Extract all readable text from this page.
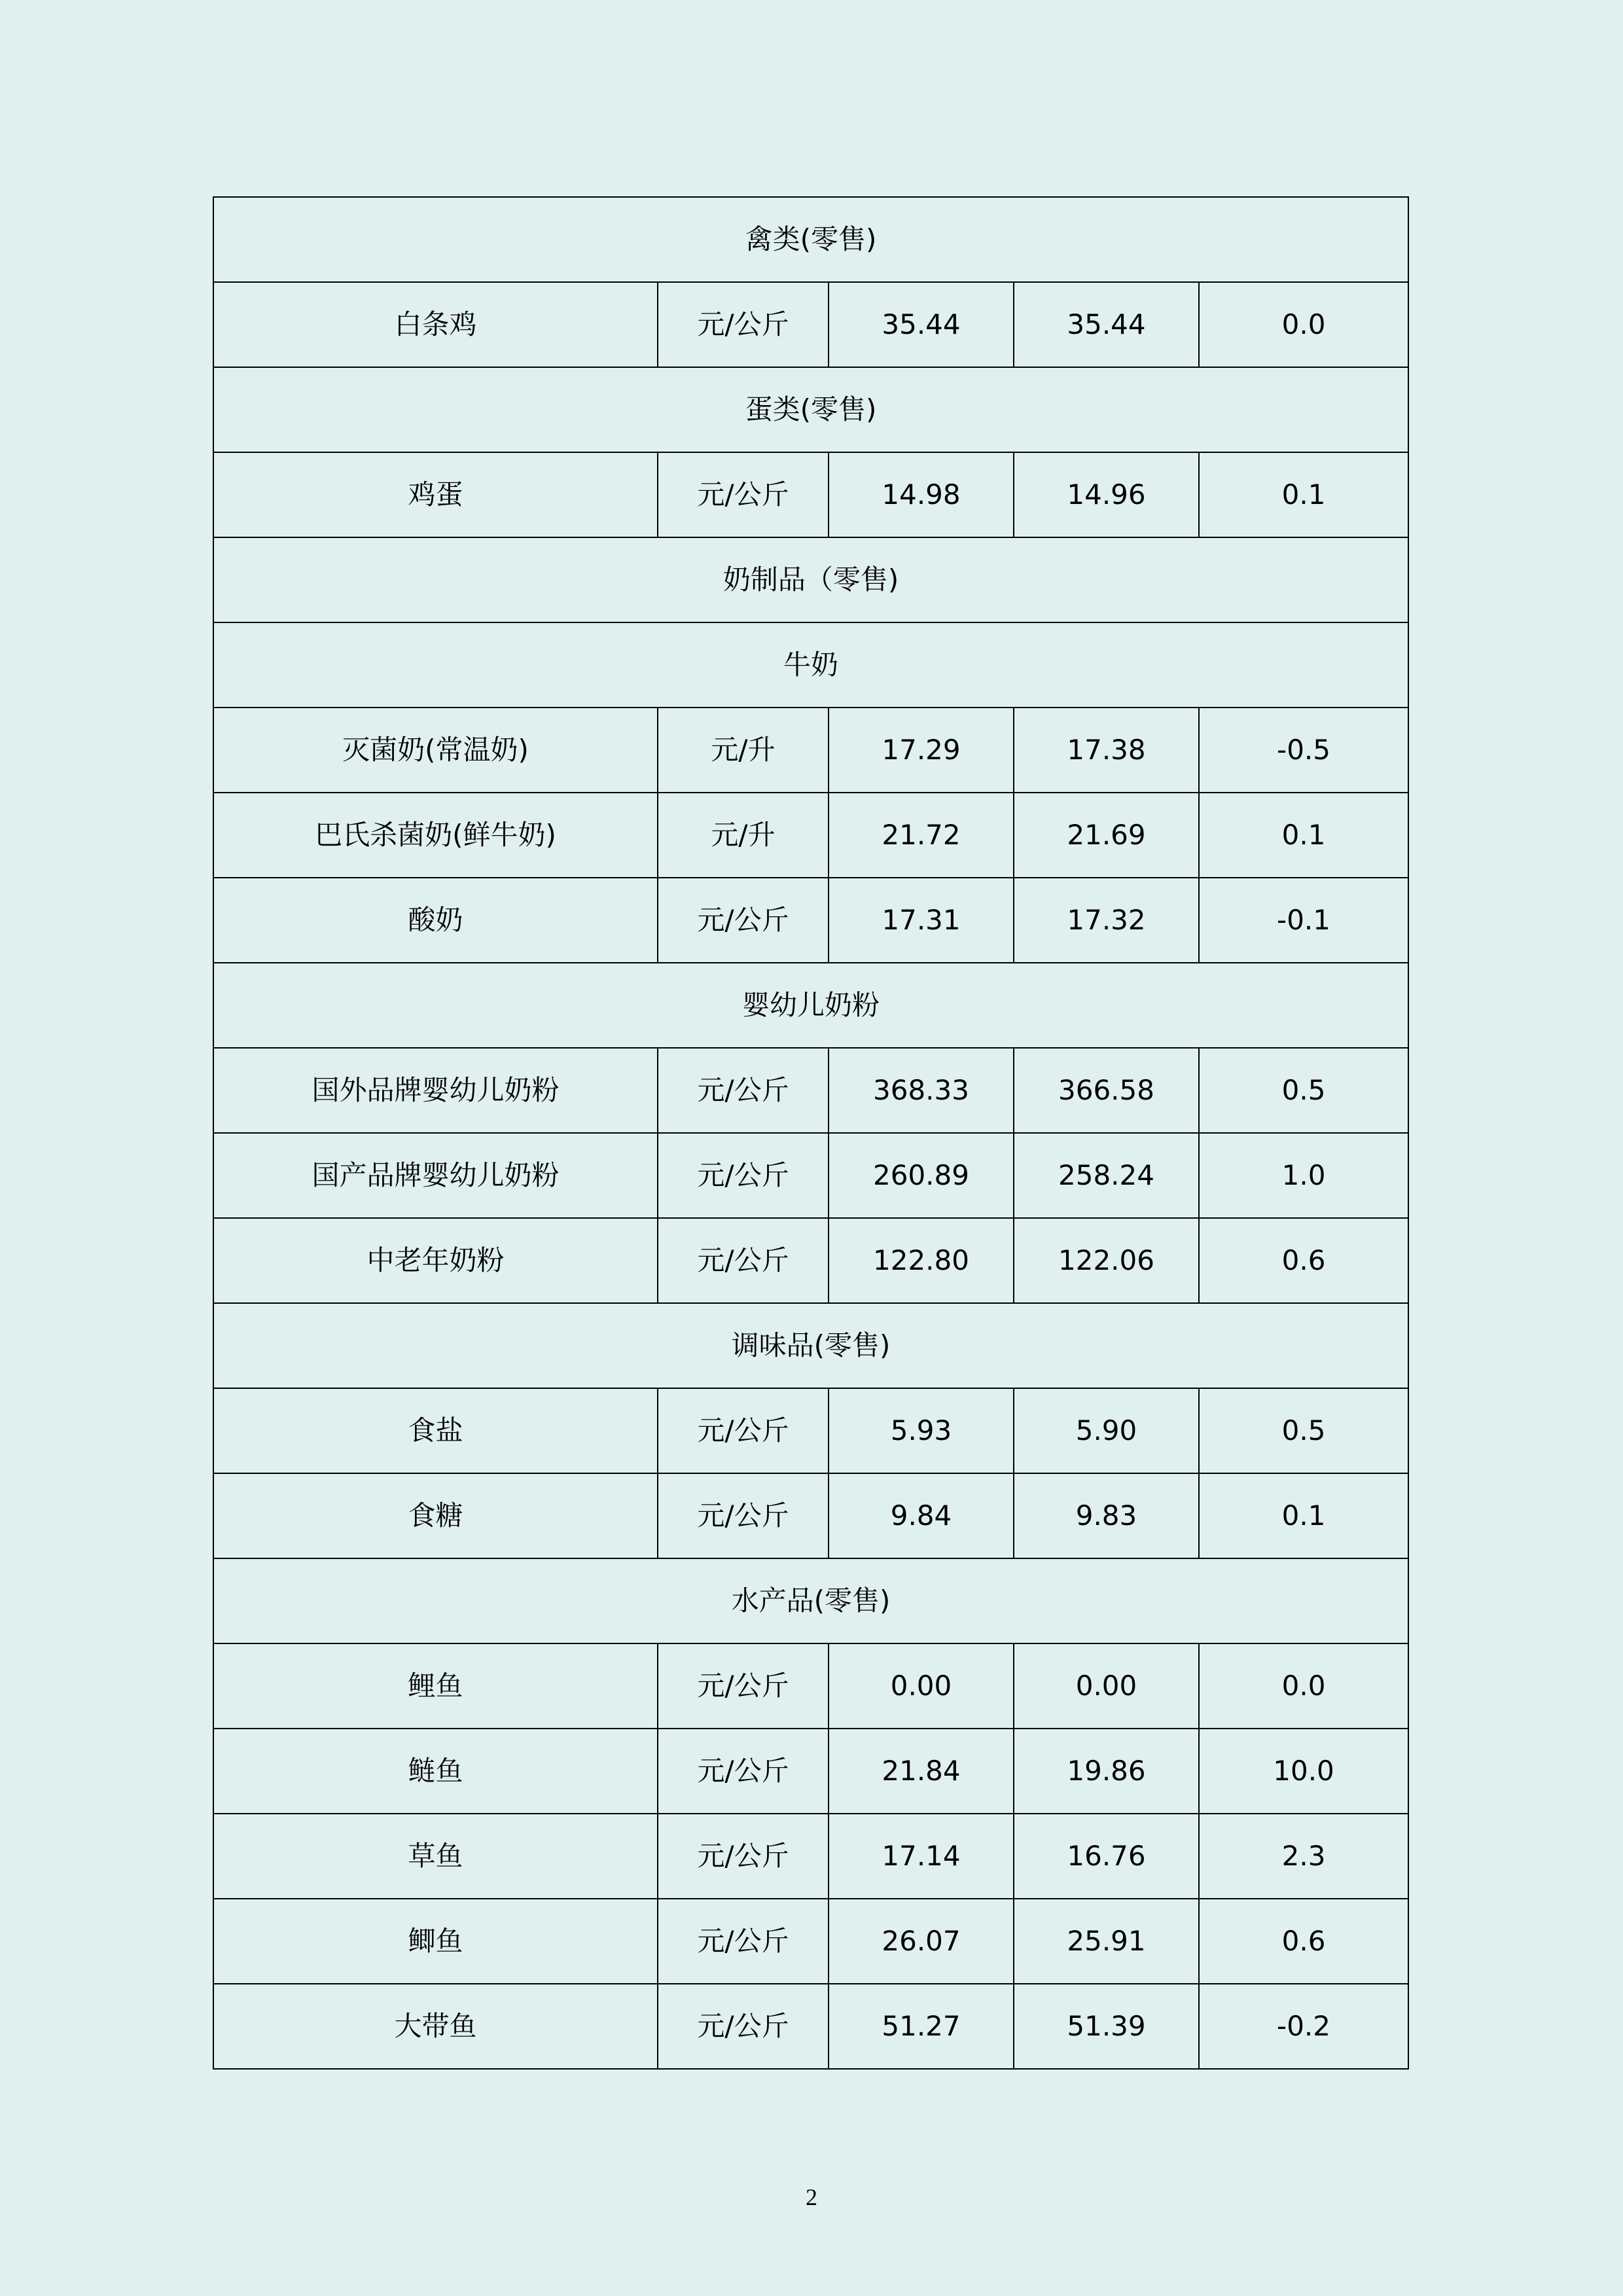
禽类(零售)				
白条鸡	元/公斤	35.44	35.44	0.0
蛋类(零售)				
鸡蛋	元/公斤	14.98	14.96	0.1
奶制品（零售)				
牛奶				
灭菌奶(常温奶)	元/升	17.29	17.38	-0.5
巴氏杀菌奶(鲜牛奶)	元/升	21.72	21.69	0.1
酸奶	元/公斤	17.31	17.32	-0.1
婴幼儿奶粉				
国外品牌婴幼儿奶粉	元/公斤	368.33	366.58	0.5
国产品牌婴幼儿奶粉	元/公斤	260.89	258.24	1.0
中老年奶粉	元/公斤	122.80	122.06	0.6
调味品(零售)				
食盐	元/公斤	5.93	5.90	0.5
食糖	元/公斤	9.84	9.83	0.1
水产品(零售)				
鲤鱼	元/公斤	0.00	0.00	0.0
鲢鱼	元/公斤	21.84	19.86	10.0
草鱼	元/公斤	17.14	16.76	2.3
鲫鱼	元/公斤	26.07	25.91	0.6
大带鱼	元/公斤	51.27	51.39	-0.2
2
